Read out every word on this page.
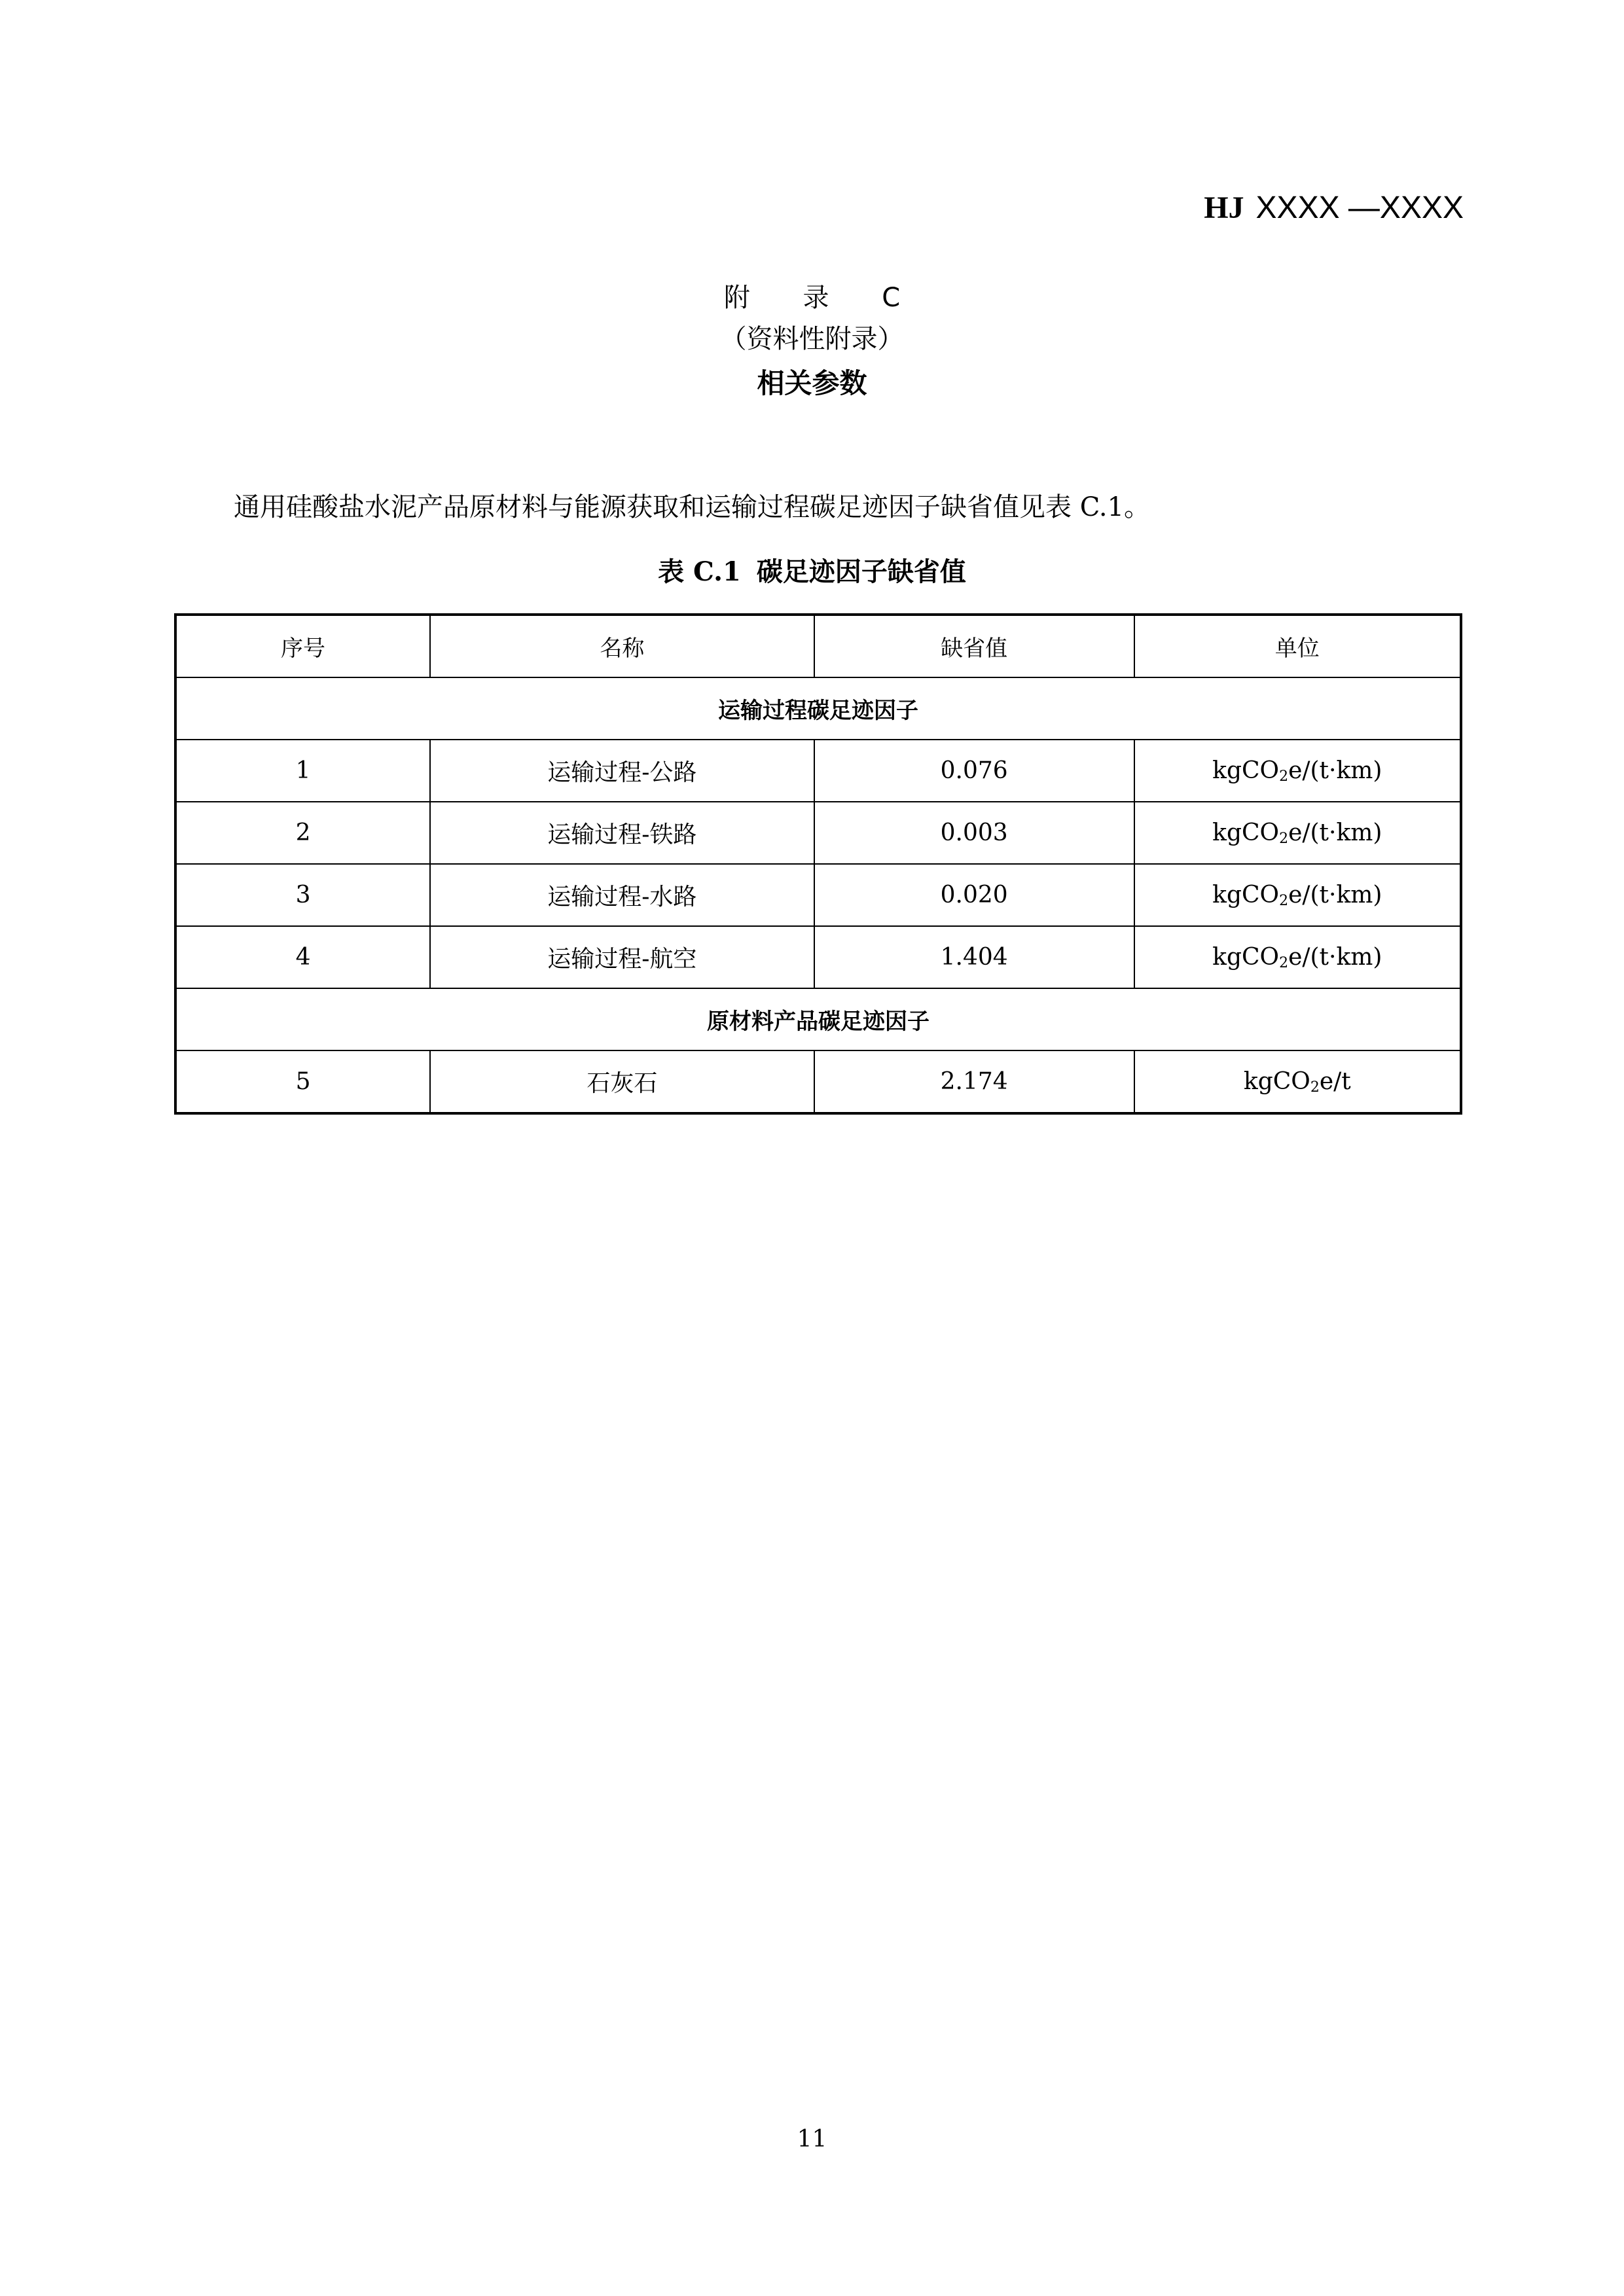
HJ XXXX —XXXX
附 录 C
（资料性附录）
相关参数
通用硅酸盐水泥产品原材料与能源获取和运输过程碳足迹因子缺省值见表 C.1。
表 C.1 碳足迹因子缺省值
序号	名称	缺省值	单位
运输过程碳足迹因子			
1	运输过程-公路	0.076	kgCO$_2$e/(t·km)
2	运输过程-铁路	0.003	kgCO$_2$e/(t·km)
3	运输过程-水路	0.020	kgCO$_2$e/(t·km)
4	运输过程-航空	1.404	kgCO$_2$e/(t·km)
原材料产品碳足迹因子			
5	石灰石	2.174	kgCO$_2$e/t
11
